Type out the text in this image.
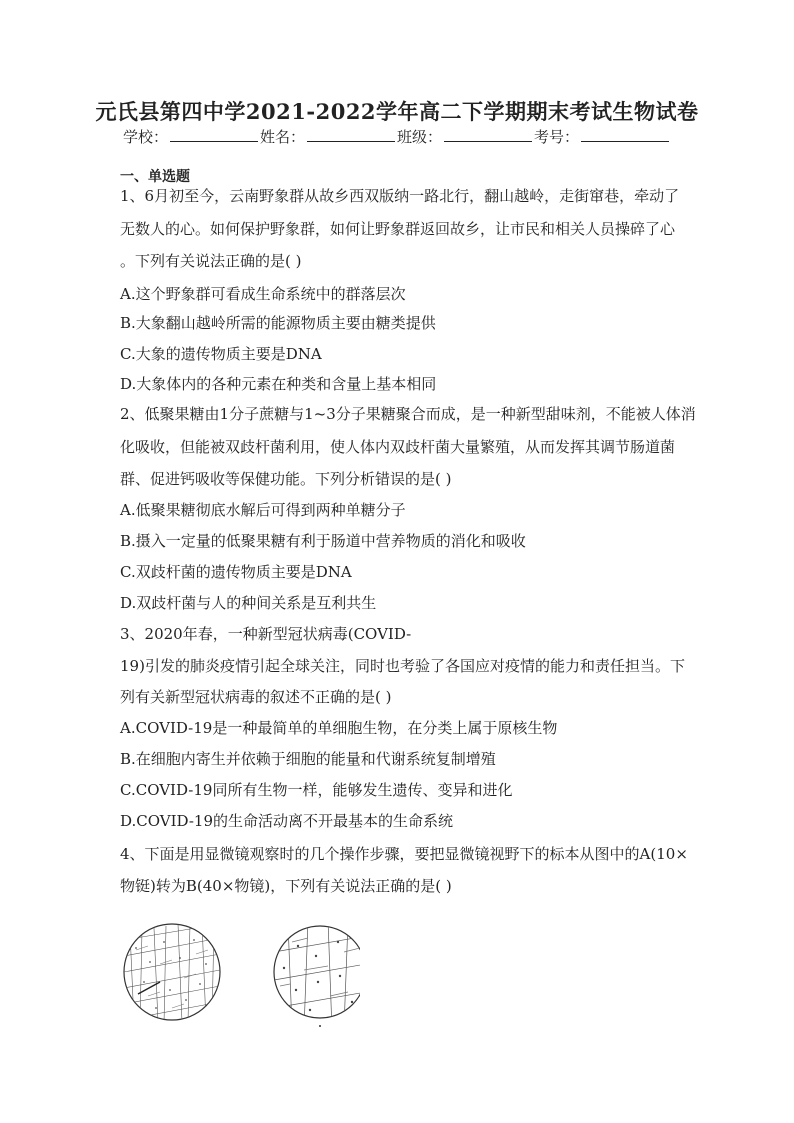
元氏县第四中学2021-2022学年高二下学期期末考试生物试卷
学校：	姓名：	班级：	考号：
一、单选题
1、6月初至今，云南野象群从故乡西双版纳一路北行，翻山越岭，走街窜巷，牵动了
无数人的心。如何保护野象群，如何让野象群返回故乡，让市民和相关人员操碎了心
。下列有关说法正确的是( )
A.这个野象群可看成生命系统中的群落层次
B.大象翻山越岭所需的能源物质主要由糖类提供
C.大象的遗传物质主要是DNA
D.大象体内的各种元素在种类和含量上基本相同
2、低聚果糖由1分子蔗糖与1~3分子果糖聚合而成，是一种新型甜味剂，不能被人体消
化吸收，但能被双歧杆菌利用，使人体内双歧杆菌大量繁殖，从而发挥其调节肠道菌
群、促进钙吸收等保健功能。下列分析错误的是( )
A.低聚果糖彻底水解后可得到两种单糖分子
B.摄入一定量的低聚果糖有利于肠道中营养物质的消化和吸收
C.双歧杆菌的遗传物质主要是DNA
D.双歧杆菌与人的种间关系是互利共生
3、2020年春，一种新型冠状病毒(COVID-
19)引发的肺炎疫情引起全球关注，同时也考验了各国应对疫情的能力和责任担当。下
列有关新型冠状病毒的叙述不正确的是( )
A.COVID-19是一种最简单的单细胞生物，在分类上属于原核生物
B.在细胞内寄生并依赖于细胞的能量和代谢系统复制增殖
C.COVID-19同所有生物一样，能够发生遗传、变异和进化
D.COVID-19的生命活动离不开最基本的生命系统
4、下面是用显微镜观察时的几个操作步骤，要把显微镜视野下的标本从图中的A(10×
物铤)转为B(40×物镜)，下列有关说法正确的是( )
